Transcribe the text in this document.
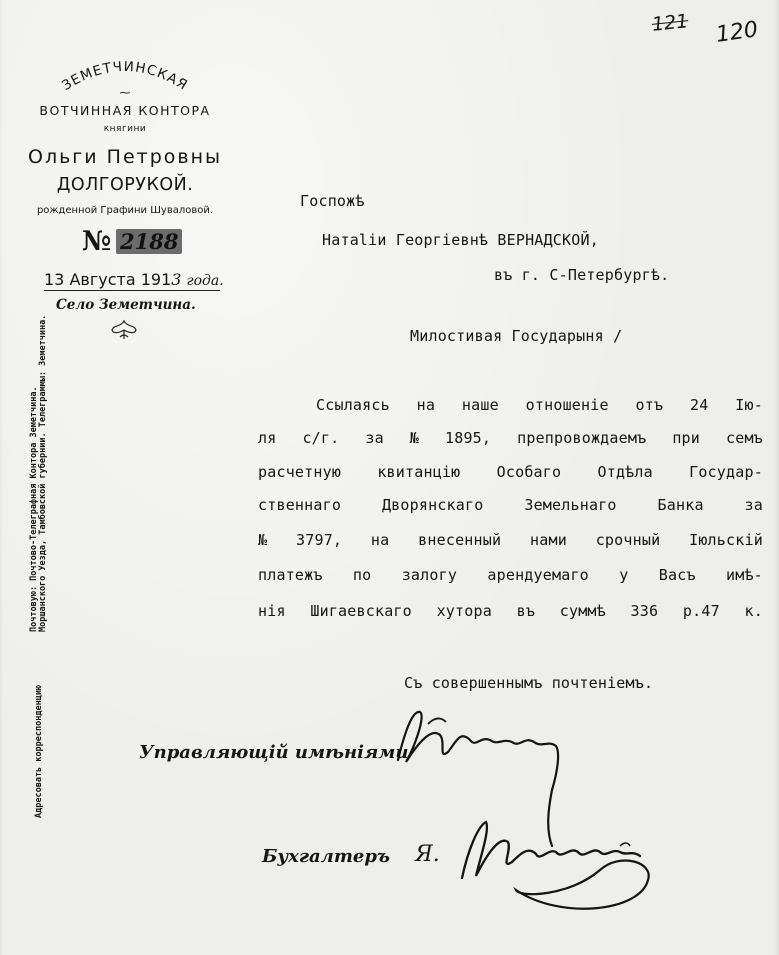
121 120
ЗЕМЕТЧИНСКАЯ
⁓
ВОТЧИННАЯ КОНТОРА
княгини
Ольги Петровны
ДОЛГОРУКОЙ.
рожденной Графини Шуваловой.
№ 2188
13 Августа 1913 года.
Село Земетчина.
Почтовую: Почтово-Телеграфная Контора Земетчина. Моршанского Уезда, Тамбовской губернии. Телеграммы: Земетчина.
Адресовать корреспонденцию
Госпожѣ
Натаlіи Георгіевнѣ ВЕРНАДСКОЙ,
въ г. С-Петербургѣ.
Милостивая Государыня /
Ссылаясь на наше отношенiе отъ 24 Iю-
ля с/г. за № 1895, препровождаемъ при семъ
расчетную квитанцію Особаго Отдѣла Государ-
ственнаго	Дворянскаго	Земельнаго	Банка	за
№ 3797, на внесенный нами срочный Iюльскiй
платежъ по залогу арендуемаго у Васъ имѣ-
нія Шигаевскаго хутора въ суммѣ 336 р.47 к.
Съ совершеннымъ почтенiемъ.
Управляющій имѣніями
Бухгалтеръ Я.
